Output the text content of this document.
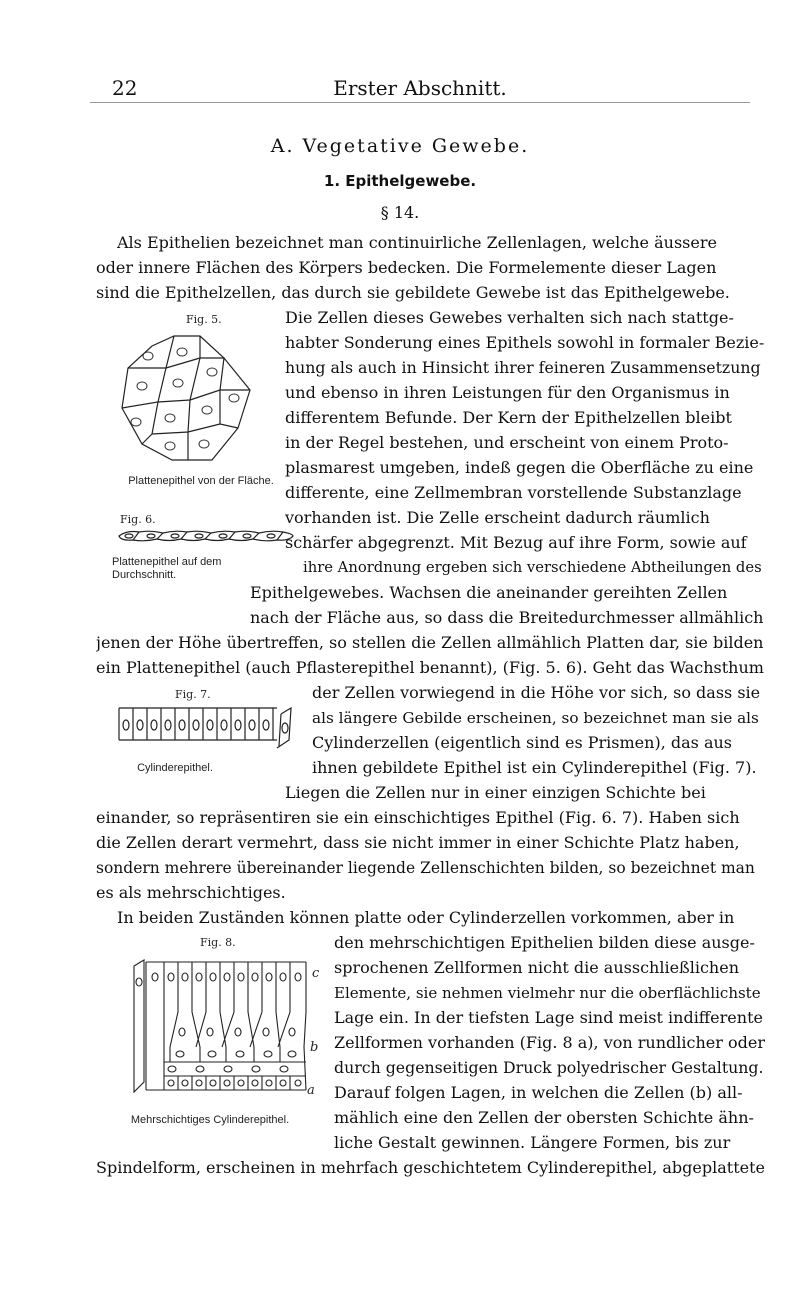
22	Erster Abschnitt.
A. Vegetative Gewebe.
1. Epithelgewebe.
§ 14.
Als Epithelien bezeichnet man continuirliche Zellenlagen, welche äussere
oder innere Flächen des Körpers bedecken. Die Formelemente dieser Lagen
sind die Epithelzellen, das durch sie gebildete Gewebe ist das Epithelgewebe.
Fig. 5.
Plattenepithel von der Fläche.
Fig. 6.
Plattenepithel auf dem Durchschnitt.
Die Zellen dieses Gewebes verhalten sich nach stattge-
habter Sonderung eines Epithels sowohl in formaler Bezie-
hung als auch in Hinsicht ihrer feineren Zusammensetzung
und ebenso in ihren Leistungen für den Organismus in
differentem Befunde. Der Kern der Epithelzellen bleibt
in der Regel bestehen, und erscheint von einem Proto-
plasmarest umgeben, indeß gegen die Oberfläche zu eine
differente, eine Zellmembran vorstellende Substanzlage
vorhanden ist. Die Zelle erscheint dadurch räumlich
schärfer abgegrenzt. Mit Bezug auf ihre Form, sowie auf
ihre Anordnung ergeben sich verschiedene Abtheilungen des
Epithelgewebes. Wachsen die aneinander gereihten Zellen
nach der Fläche aus, so dass die Breitedurchmesser allmählich
jenen der Höhe übertreffen, so stellen die Zellen allmählich Platten dar, sie bilden
ein Plattenepithel (auch Pflasterepithel benannt), (Fig. 5. 6). Geht das Wachsthum
Fig. 7.
Cylinderepithel.
der Zellen vorwiegend in die Höhe vor sich, so dass sie
als längere Gebilde erscheinen, so bezeichnet man sie als
Cylinderzellen (eigentlich sind es Prismen), das aus
ihnen gebildete Epithel ist ein Cylinderepithel (Fig. 7).
Liegen die Zellen nur in einer einzigen Schichte bei
einander, so repräsentiren sie ein einschichtiges Epithel (Fig. 6. 7). Haben sich
die Zellen derart vermehrt, dass sie nicht immer in einer Schichte Platz haben,
sondern mehrere übereinander liegende Zellenschichten bilden, so bezeichnet man
es als mehrschichtiges.
In beiden Zuständen können platte oder Cylinderzellen vorkommen, aber in
Fig. 8.
c
b
a
Mehrschichtiges Cylinderepithel.
den mehrschichtigen Epithelien bilden diese ausge-
sprochenen Zellformen nicht die ausschließlichen
Elemente, sie nehmen vielmehr nur die oberflächlichste
Lage ein. In der tiefsten Lage sind meist indifferente
Zellformen vorhanden (Fig. 8 a), von rundlicher oder
durch gegenseitigen Druck polyedrischer Gestaltung.
Darauf folgen Lagen, in welchen die Zellen (b) all-
mählich eine den Zellen der obersten Schichte ähn-
liche Gestalt gewinnen. Längere Formen, bis zur
Spindelform, erscheinen in mehrfach geschichtetem Cylinderepithel, abgeplattete
